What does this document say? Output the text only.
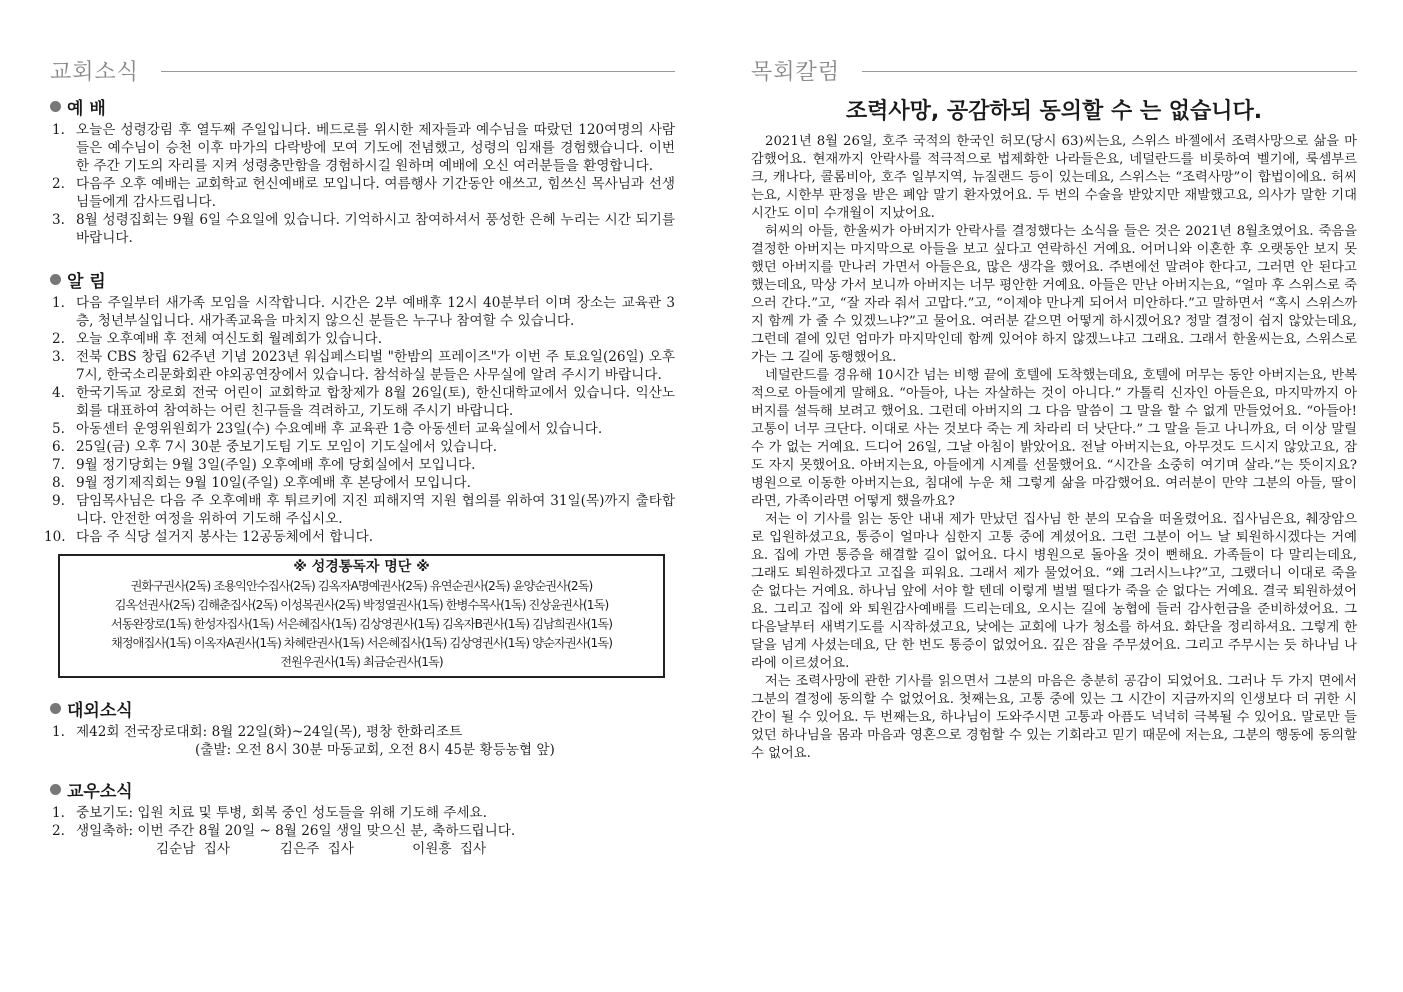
교회소식
예 배
1. 오늘은 성령강림 후 열두째 주일입니다. 베드로를 위시한 제자들과 예수님을 따랐던 120여명의 사람들은 예수님이 승천 이후 마가의 다락방에 모여 기도에 전념했고, 성령의 임재를 경험했습니다. 이번 한 주간 기도의 자리를 지켜 성령충만함을 경험하시길 원하며 예배에 오신 여러분들을 환영합니다.
2. 다음주 오후 예배는 교회학교 헌신예배로 모입니다. 여름행사 기간동안 애쓰고, 힘쓰신 목사님과 선생님들에게 감사드립니다.
3. 8월 성령집회는 9월 6일 수요일에 있습니다. 기억하시고 참여하셔서 풍성한 은혜 누리는 시간 되기를 바랍니다.
알 림
1. 다음 주일부터 새가족 모임을 시작합니다. 시간은 2부 예배후 12시 40분부터 이며 장소는 교육관 3층, 청년부실입니다. 새가족교육을 마치지 않으신 분들은 누구나 참여할 수 있습니다.
2. 오늘 오후예배 후 전체 여신도회 월례회가 있습니다.
3. 전북 CBS 창립 62주년 기념 2023년 워십페스티벌 "한밤의 프레이즈"가 이번 주 토요일(26일) 오후 7시, 한국소리문화회관 야외공연장에서 있습니다. 참석하실 분들은 사무실에 알려 주시기 바랍니다.
4. 한국기독교 장로회 전국 어린이 교회학교 합창제가 8월 26일(토), 한신대학교에서 있습니다. 익산노회를 대표하여 참여하는 어린 친구들을 격려하고, 기도해 주시기 바랍니다.
5. 아동센터 운영위원회가 23일(수) 수요예배 후 교육관 1층 아동센터 교육실에서 있습니다.
6. 25일(금) 오후 7시 30분 중보기도팀 기도 모임이 기도실에서 있습니다.
7. 9월 정기당회는 9월 3일(주일) 오후예배 후에 당회실에서 모입니다.
8. 9월 정기제직회는 9월 10일(주일) 오후예배 후 본당에서 모입니다.
9. 담임목사님은 다음 주 오후예배 후 튀르키에 지진 피해지역 지원 협의를 위하여 31일(목)까지 출타합니다. 안전한 여정을 위하여 기도해 주십시오.
10. 다음 주 식당 설거지 봉사는 12공동체에서 합니다.
※ 성경통독자 명단 ※
권화구권사(2독) 조용익안수집사(2독) 김옥자A명예권사(2독) 유연순권사(2독) 윤양순권사(2독)
김옥선권사(2독) 김해춘집사(2독) 이성복권사(2독) 박정열권사(1독) 한병수목사(1독) 진상윤권사(1독)
서동완장로(1독) 한성자집사(1독) 서은혜집사(1독) 김상영권사(1독) 김옥자B권사(1독) 김남희권사(1독)
채정애집사(1독) 이옥자A권사(1독) 차혜란권사(1독) 서은혜집사(1독) 김상영권사(1독) 양순자권사(1독)
전원우권사(1독) 최금순권사(1독)
대외소식
1. 제42회 전국장로대회: 8월 22일(화)~24일(목), 평창 한화리조트
(출발: 오전 8시 30분 마동교회, 오전 8시 45분 황등농협 앞)
교우소식
1. 중보기도: 입원 치료 및 투병, 회복 중인 성도들을 위해 기도해 주세요.
2. 생일축하: 이번 주간 8월 20일 ~ 8월 26일 생일 맞으신 분, 축하드립니다.
김순남 집사	김은주 집사	이원흥 집사
목회칼럼
조력사망, 공감하되 동의할 수 는 없습니다.

2021년 8월 26일, 호주 국적의 한국인 허모(당시 63)씨는요, 스위스 바젤에서 조력사망으로 삶을 마감했어요. 현재까지 안락사를 적극적으로 법제화한 나라들은요, 네덜란드를 비롯하여 벨기에, 룩셈부르크, 캐나다, 콜롬비아, 호주 일부지역, 뉴질랜드 등이 있는데요, 스위스는 “조력사망”이 합법이에요. 허씨는요, 시한부 판정을 받은 폐암 말기 환자였어요. 두 번의 수술을 받았지만 재발했고요, 의사가 말한 기대시간도 이미 수개월이 지났어요.

허씨의 아들, 한울씨가 아버지가 안락사를 결정했다는 소식을 들은 것은 2021년 8월초였어요. 죽음을 결정한 아버지는 마지막으로 아들을 보고 싶다고 연락하신 거예요. 어머니와 이혼한 후 오랫동안 보지 못했던 아버지를 만나러 가면서 아들은요, 많은 생각을 했어요. 주변에선 말려야 한다고, 그러면 안 된다고 했는데요, 막상 가서 보니까 아버지는 너무 평안한 거예요. 아들은 만난 아버지는요, “얼마 후 스위스로 죽으러 간다.”고, “잘 자라 줘서 고맙다.”고, “이제야 만나게 되어서 미안하다.”고 말하면서 “혹시 스위스까지 함께 가 줄 수 있겠느냐?”고 물어요. 여러분 같으면 어떻게 하시겠어요? 정말 결정이 쉽지 않았는데요, 그런데 곁에 있던 엄마가 마지막인데 함께 있어야 하지 않겠느냐고 그래요. 그래서 한울씨는요, 스위스로 가는 그 길에 동행했어요.

네덜란드를 경유해 10시간 넘는 비행 끝에 호텔에 도착했는데요, 호텔에 머무는 동안 아버지는요, 반복적으로 아들에게 말해요. “아들아, 나는 자살하는 것이 아니다.” 가톨릭 신자인 아들은요, 마지막까지 아버지를 설득해 보려고 했어요. 그런데 아버지의 그 다음 말씀이 그 말을 할 수 없게 만들었어요. “아들아! 고통이 너무 크단다. 이대로 사는 것보다 죽는 게 차라리 더 낫단다.” 그 말을 듣고 나니까요, 더 이상 말릴 수 가 없는 거예요. 드디어 26일, 그날 아침이 밝았어요. 전날 아버지는요, 아무것도 드시지 않았고요, 잠도 자지 못했어요. 아버지는요, 아들에게 시계를 선물했어요. “시간을 소중히 여기며 살라.”는 뜻이지요? 병원으로 이동한 아버지는요, 침대에 누운 채 그렇게 삶을 마감했어요. 여러분이 만약 그분의 아들, 딸이라면, 가족이라면 어떻게 했을까요?

저는 이 기사를 읽는 동안 내내 제가 만났던 집사님 한 분의 모습을 떠올렸어요. 집사님은요, 췌장암으로 입원하셨고요, 통증이 얼마나 심한지 고통 중에 계셨어요. 그런 그분이 어느 날 퇴원하시겠다는 거예요. 집에 가면 통증을 해결할 길이 없어요. 다시 병원으로 돌아올 것이 뻔해요. 가족들이 다 말리는데요, 그래도 퇴원하겠다고 고집을 피워요. 그래서 제가 물었어요. “왜 그러시느냐?”고, 그랬더니 이대로 죽을 순 없다는 거예요. 하나님 앞에 서야 할 텐데 이렇게 벌벌 떨다가 죽을 순 없다는 거예요. 결국 퇴원하셨어요. 그리고 집에 와 퇴원감사예배를 드리는데요, 오시는 길에 농협에 들러 감사헌금을 준비하셨어요. 그 다음날부터 새벽기도를 시작하셨고요, 낮에는 교회에 나가 청소를 하셔요. 화단을 정리하셔요. 그렇게 한 달을 넘게 사셨는데요, 단 한 번도 통증이 없었어요. 깊은 잠을 주무셨어요. 그리고 주무시는 듯 하나님 나라에 이르셨어요.

저는 조력사망에 관한 기사를 읽으면서 그분의 마음은 충분히 공감이 되었어요. 그러나 두 가지 면에서 그분의 결정에 동의할 수 없었어요. 첫째는요, 고통 중에 있는 그 시간이 지금까지의 인생보다 더 귀한 시간이 될 수 있어요. 두 번째는요, 하나님이 도와주시면 고통과 아픔도 넉넉히 극복될 수 있어요. 말로만 들었던 하나님을 몸과 마음과 영혼으로 경험할 수 있는 기회라고 믿기 때문에 저는요, 그분의 행동에 동의할 수 없어요.
